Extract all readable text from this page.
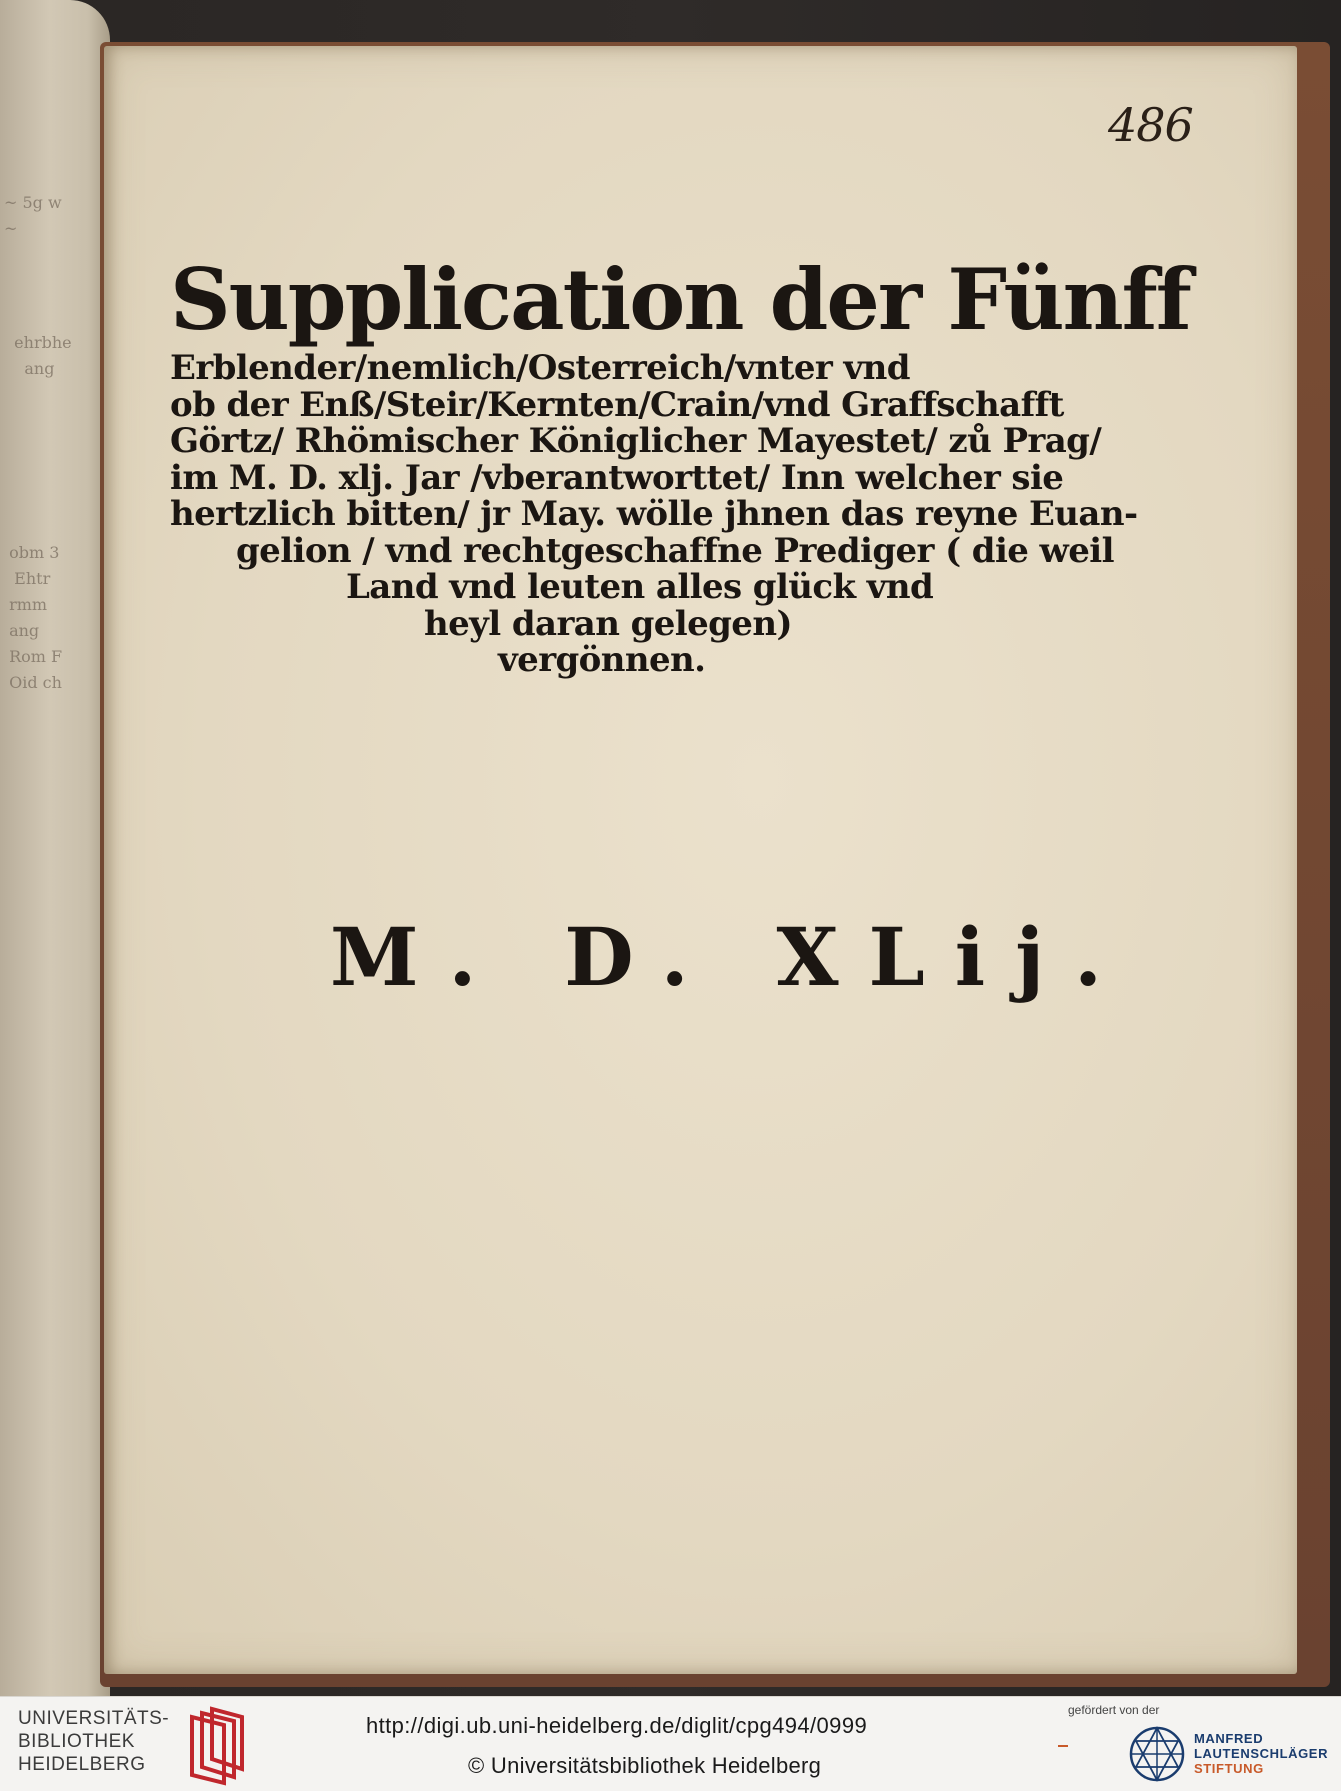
~ 5g w
~

ehrbhe
ang
obm 3
Ehtr
rmm
ang
Rom F
Oid ch
486
Supplication der Fünff
Erblender/nemlich/Osterreich/vnter vnd
ob der Enß/Steir/Kernten/Crain/vnd Graffschafft
Görtz/ Rhömischer Königlicher Mayestet/ zů Prag/
im M. D. xlj. Jar /vberantworttet/ Inn welcher sie
hertzlich bitten/ jr May. wölle jhnen das reyne Euan-
gelion / vnd rechtgeschaffne Prediger ( die weil
Land vnd leuten alles glück vnd
heyl daran gelegen)
vergönnen.
M. D. XLij.
UNIVERSITÄTS-
BIBLIOTHEK
HEIDELBERG
http://digi.ub.uni-heidelberg.de/diglit/cpg494/0999
© Universitätsbibliothek Heidelberg
gefördert von der
MANFRED
LAUTENSCHLÄGER
STIFTUNG
